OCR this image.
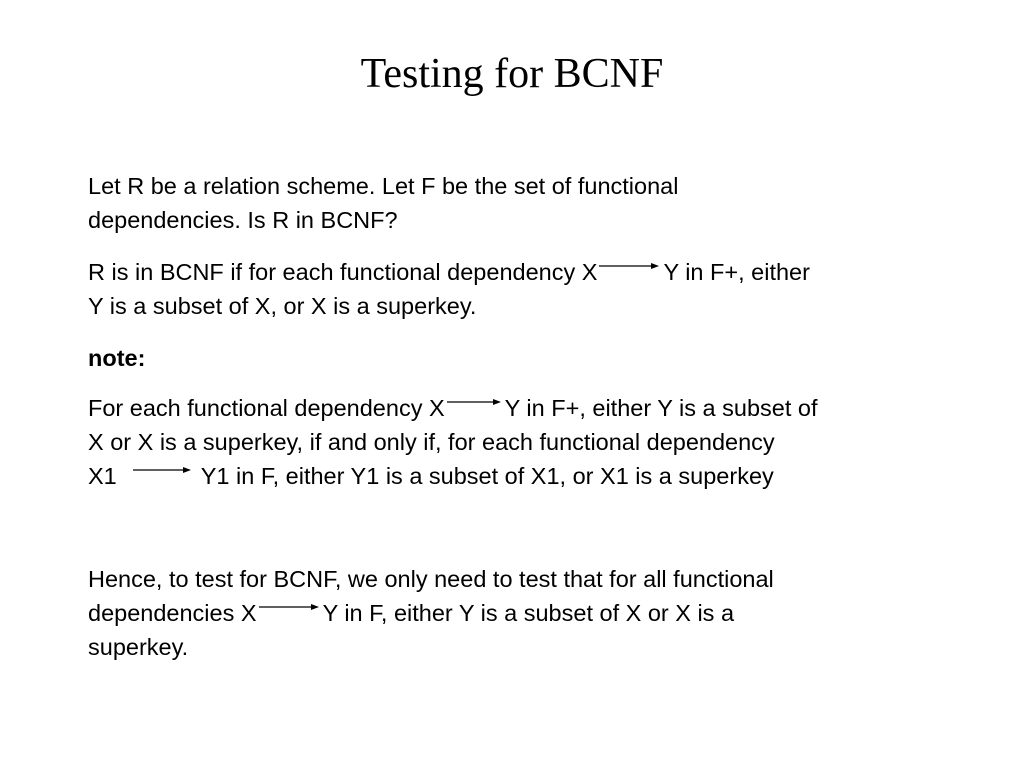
Testing for BCNF
Let R be a relation scheme. Let F be the set of functional
dependencies. Is R in BCNF?
R is in BCNF if for each functional dependency X	Y in F+, either
Y is a subset of X, or X is a superkey.
note:
For each functional dependency X	Y in F+, either Y is a subset of
X or X is a superkey, if and only if, for each functional dependency
X1	Y1 in F, either Y1 is a subset of X1, or X1 is a superkey
Hence, to test for BCNF, we only need to test that for all functional
dependencies X	Y in F, either Y is a subset of X or X is a
superkey.
